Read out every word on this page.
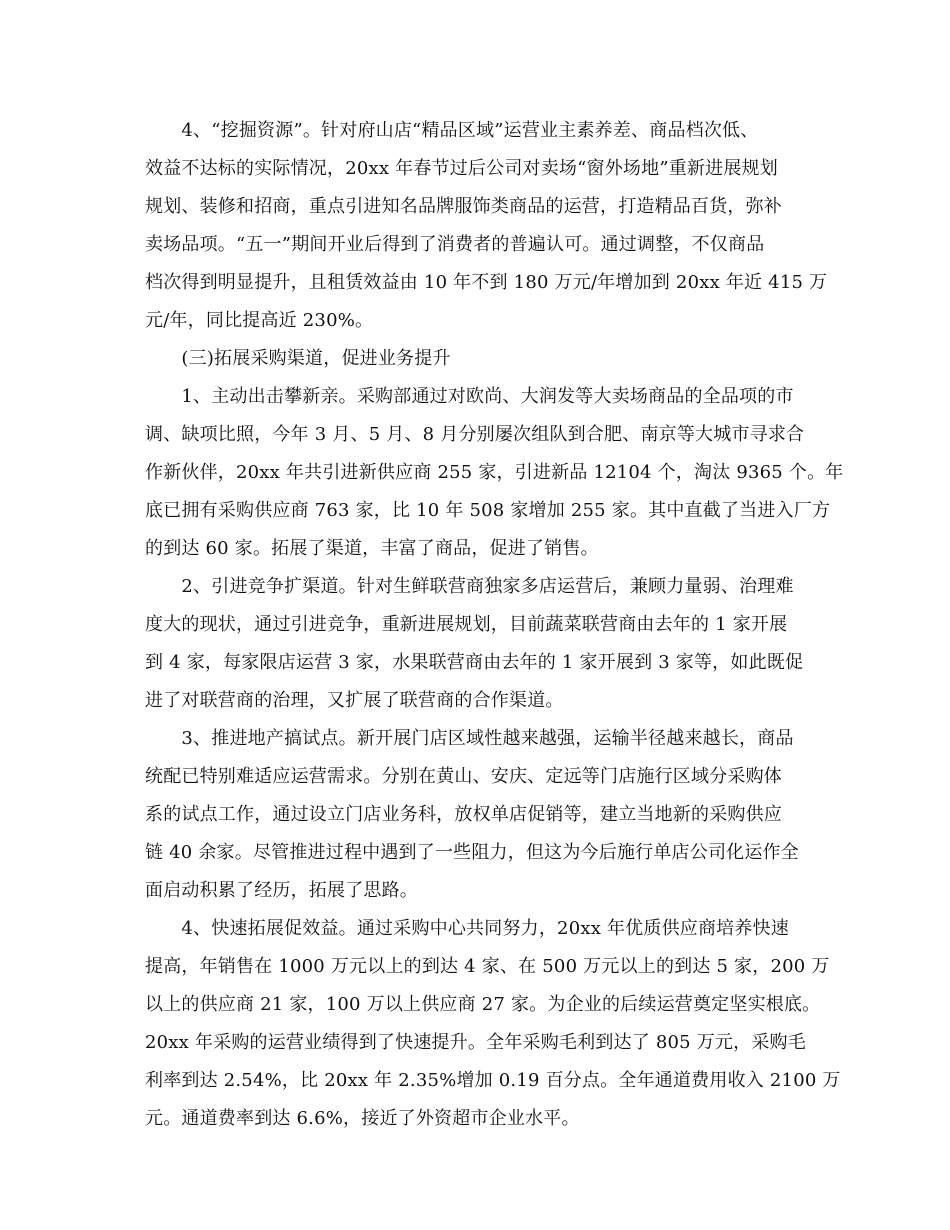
　　4、“挖掘资源”。针对府山店“精品区域”运营业主素养差、商品档次低、
效益不达标的实际情况，20xx 年春节过后公司对卖场“窗外场地”重新进展规划
规划、装修和招商，重点引进知名品牌服饰类商品的运营，打造精品百货，弥补
卖场品项。“五一”期间开业后得到了消费者的普遍认可。通过调整，不仅商品
档次得到明显提升，且租赁效益由 10 年不到 180 万元/年增加到 20xx 年近 415 万
元/年，同比提高近 230%。
　　(三)拓展采购渠道，促进业务提升
　　1、主动出击攀新亲。采购部通过对欧尚、大润发等大卖场商品的全品项的市
调、缺项比照，今年 3 月、5 月、8 月分别屡次组队到合肥、南京等大城市寻求合
作新伙伴，20xx 年共引进新供应商 255 家，引进新品 12104 个，淘汰 9365 个。年
底已拥有采购供应商 763 家，比 10 年 508 家增加 255 家。其中直截了当进入厂方
的到达 60 家。拓展了渠道，丰富了商品，促进了销售。
　　2、引进竞争扩渠道。针对生鲜联营商独家多店运营后，兼顾力量弱、治理难
度大的现状，通过引进竞争，重新进展规划，目前蔬菜联营商由去年的 1 家开展
到 4 家，每家限店运营 3 家，水果联营商由去年的 1 家开展到 3 家等，如此既促
进了对联营商的治理，又扩展了联营商的合作渠道。
　　3、推进地产搞试点。新开展门店区域性越来越强，运输半径越来越长，商品
统配已特别难适应运营需求。分别在黄山、安庆、定远等门店施行区域分采购体
系的试点工作，通过设立门店业务科，放权单店促销等，建立当地新的采购供应
链 40 余家。尽管推进过程中遇到了一些阻力，但这为今后施行单店公司化运作全
面启动积累了经历，拓展了思路。
　　4、快速拓展促效益。通过采购中心共同努力，20xx 年优质供应商培养快速
提高，年销售在 1000 万元以上的到达 4 家、在 500 万元以上的到达 5 家，200 万
以上的供应商 21 家，100 万以上供应商 27 家。为企业的后续运营奠定坚实根底。
20xx 年采购的运营业绩得到了快速提升。全年采购毛利到达了 805 万元，采购毛
利率到达 2.54%，比 20xx 年 2.35%增加 0.19 百分点。全年通道费用收入 2100 万
元。通道费率到达 6.6%，接近了外资超市企业水平。
